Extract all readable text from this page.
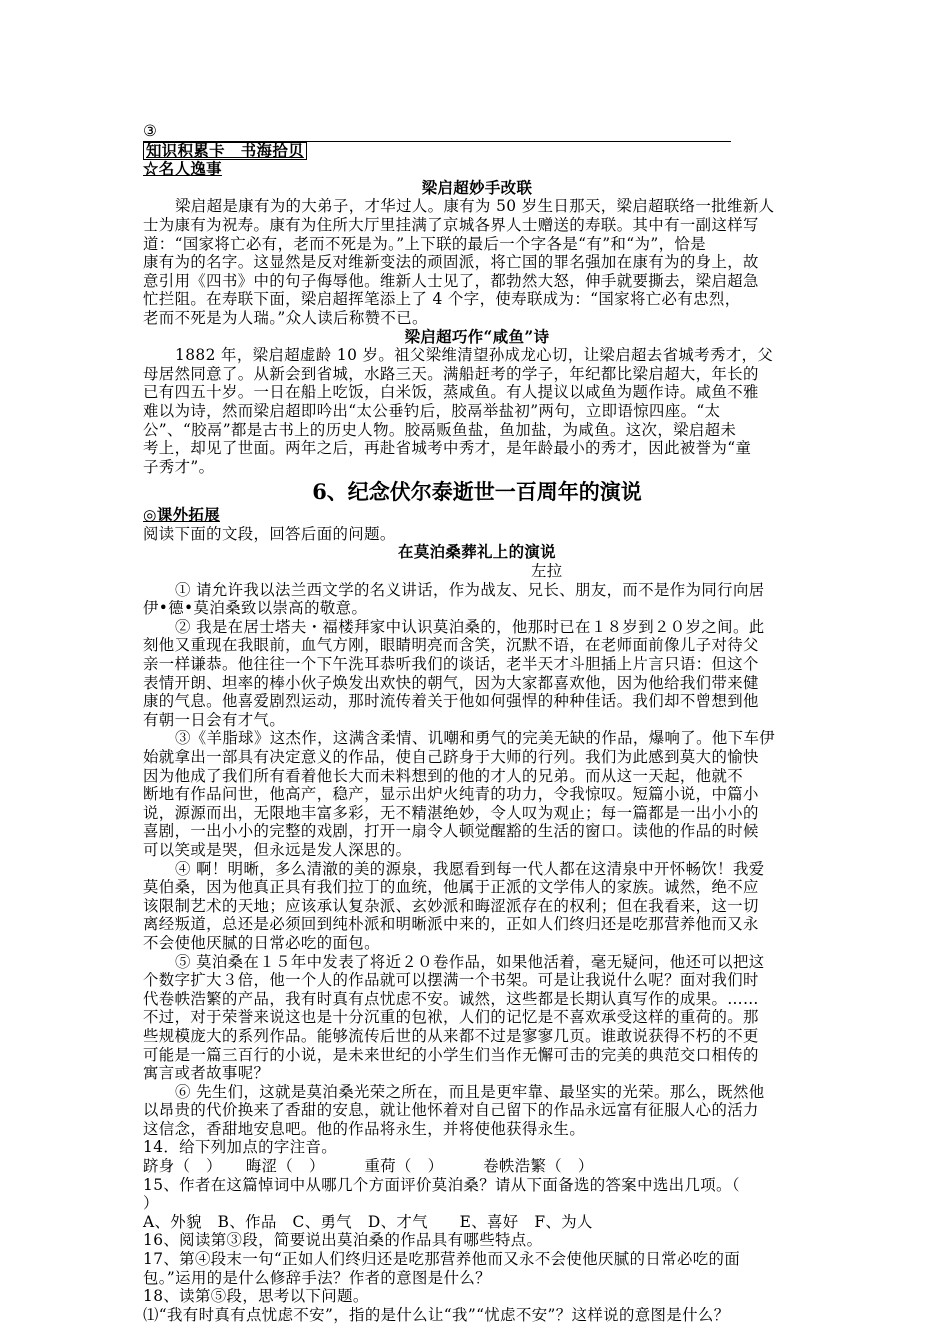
③
知识积累卡　书海拾贝
☆名人逸事
梁启超妙手改联
梁启超是康有为的大弟子，才华过人。康有为 50 岁生日那天，梁启超联络一批维新人
士为康有为祝寿。康有为住所大厅里挂满了京城各界人士赠送的寿联。其中有一副这样写
道：“国家将亡必有，老而不死是为。”上下联的最后一个字各是“有”和“为”，恰是
康有为的名字。这显然是反对维新变法的顽固派，将亡国的罪名强加在康有为的身上，故
意引用《四书》中的句子侮辱他。维新人士见了，都勃然大怒，伸手就要撕去，梁启超急
忙拦阻。在寿联下面，梁启超挥笔添上了 4 个字，使寿联成为：“国家将亡必有忠烈，
老而不死是为人瑞。”众人读后称赞不已。
梁启超巧作“咸鱼”诗
1882 年，梁启超虚龄 10 岁。祖父梁维清望孙成龙心切，让梁启超去省城考秀才，父
母居然同意了。从新会到省城，水路三天。满船赶考的学子，年纪都比梁启超大，年长的
已有四五十岁。一日在船上吃饭，白米饭，蒸咸鱼。有人提议以咸鱼为题作诗。咸鱼不雅
难以为诗，然而梁启超即吟出“太公垂钓后，胶鬲举盐初”两句，立即语惊四座。“太
公”、“胶鬲”都是古书上的历史人物。胶鬲贩鱼盐，鱼加盐，为咸鱼。这次，梁启超未
考上，却见了世面。两年之后，再赴省城考中秀才，是年龄最小的秀才，因此被誉为“童
子秀才”。
6、纪念伏尔泰逝世一百周年的演说
◎课外拓展
阅读下面的文段，回答后面的问题。
在莫泊桑葬礼上的演说
左拉
① 请允许我以法兰西文学的名义讲话，作为战友、兄长、朋友，而不是作为同行向居
伊•德•莫泊桑致以崇高的敬意。
② 我是在居士塔夫・福楼拜家中认识莫泊桑的，他那时已在１８岁到２０岁之间。此
刻他又重现在我眼前，血气方刚，眼睛明亮而含笑，沉默不语，在老师面前像儿子对待父
亲一样谦恭。他往往一个下午洗耳恭听我们的谈话，老半天才斗胆插上片言只语：但这个
表情开朗、坦率的棒小伙子焕发出欢快的朝气，因为大家都喜欢他，因为他给我们带来健
康的气息。他喜爱剧烈运动，那时流传着关于他如何强悍的种种佳话。我们却不曾想到他
有朝一日会有才气。
③《羊脂球》这杰作，这满含柔情、讥嘲和勇气的完美无缺的作品，爆响了。他下车伊
始就拿出一部具有决定意义的作品，使自己跻身于大师的行列。我们为此感到莫大的愉快
因为他成了我们所有看着他长大而未料想到的他的才人的兄弟。而从这一天起，他就不
断地有作品问世，他高产，稳产，显示出炉火纯青的功力，令我惊叹。短篇小说，中篇小
说，源源而出，无限地丰富多彩，无不精湛绝妙，令人叹为观止；每一篇都是一出小小的
喜剧，一出小小的完整的戏剧，打开一扇令人顿觉醒豁的生活的窗口。读他的作品的时候
可以笑或是哭，但永远是发人深思的。
④ 啊！明晰，多么清澈的美的源泉，我愿看到每一代人都在这清泉中开怀畅饮！我爱
莫伯桑，因为他真正具有我们拉丁的血统，他属于正派的文学伟人的家族。诚然，绝不应
该限制艺术的天地；应该承认复杂派、玄妙派和晦涩派存在的权利；但在我看来，这一切
离经叛道，总还是必须回到纯朴派和明晰派中来的，正如人们终归还是吃那营养他而又永
不会使他厌腻的日常必吃的面包。
⑤ 莫泊桑在１５年中发表了将近２０卷作品，如果他活着，毫无疑问，他还可以把这
个数字扩大３倍，他一个人的作品就可以摆满一个书架。可是让我说什么呢？面对我们时
代卷帙浩繁的产品，我有时真有点忧虑不安。诚然，这些都是长期认真写作的成果。……
不过，对于荣誉来说这也是十分沉重的包袱，人们的记忆是不喜欢承受这样的重荷的。那
些规模庞大的系列作品。能够流传后世的从来都不过是寥寥几页。谁敢说获得不朽的不更
可能是一篇三百行的小说，是未来世纪的小学生们当作无懈可击的完美的典范交口相传的
寓言或者故事呢？
⑥ 先生们，这就是莫泊桑光荣之所在，而且是更牢靠、最坚实的光荣。那么，既然他
以昂贵的代价换来了香甜的安息，就让他怀着对自己留下的作品永远富有征服人心的活力
这信念，香甜地安息吧。他的作品将永生，并将使他获得永生。
14．给下列加点的字注音。
跻身（　）　　晦涩（　）　　　重荷（　）　　　卷帙浩繁（　）
15、作者在这篇悼词中从哪几个方面评价莫泊桑？请从下面备选的答案中选出几项。（
）
A、外貌　B、作品　C、勇气　D、才气　　E、喜好　F、为人
16、阅读第③段，简要说出莫泊桑的作品具有哪些特点。
17、第④段末一句“正如人们终归还是吃那营养他而又永不会使他厌腻的日常必吃的面
包。”运用的是什么修辞手法？作者的意图是什么？
18、读第⑤段，思考以下问题。
⑴“我有时真有点忧虑不安”，指的是什么让“我”“忧虑不安”？这样说的意图是什么？
